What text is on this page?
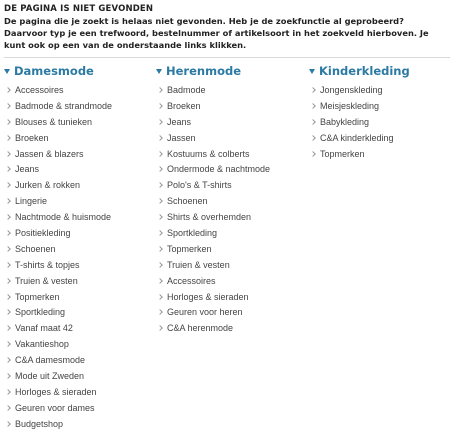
DE PAGINA IS NIET GEVONDEN
De pagina die je zoekt is helaas niet gevonden. Heb je de zoekfunctie al geprobeerd? Daarvoor typ je een trefwoord, bestelnummer of artikelsoort in het zoekveld hierboven. Je kunt ook op een van de onderstaande links klikken.
Damesmode
Accessoires
Badmode & strandmode
Blouses & tunieken
Broeken
Jassen & blazers
Jeans
Jurken & rokken
Lingerie
Nachtmode & huismode
Positiekleding
Schoenen
T-shirts & topjes
Truien & vesten
Topmerken
Sportkleding
Vanaf maat 42
Vakantieshop
C&A damesmode
Mode uit Zweden
Horloges & sieraden
Geuren voor dames
Budgetshop
Herenmode
Badmode
Broeken
Jeans
Jassen
Kostuums & colberts
Ondermode & nachtmode
Polo's & T-shirts
Schoenen
Shirts & overhemden
Sportkleding
Topmerken
Truien & vesten
Accessoires
Horloges & sieraden
Geuren voor heren
C&A herenmode
Kinderkleding
Jongenskleding
Meisjeskleding
Babykleding
C&A kinderkleding
Topmerken
